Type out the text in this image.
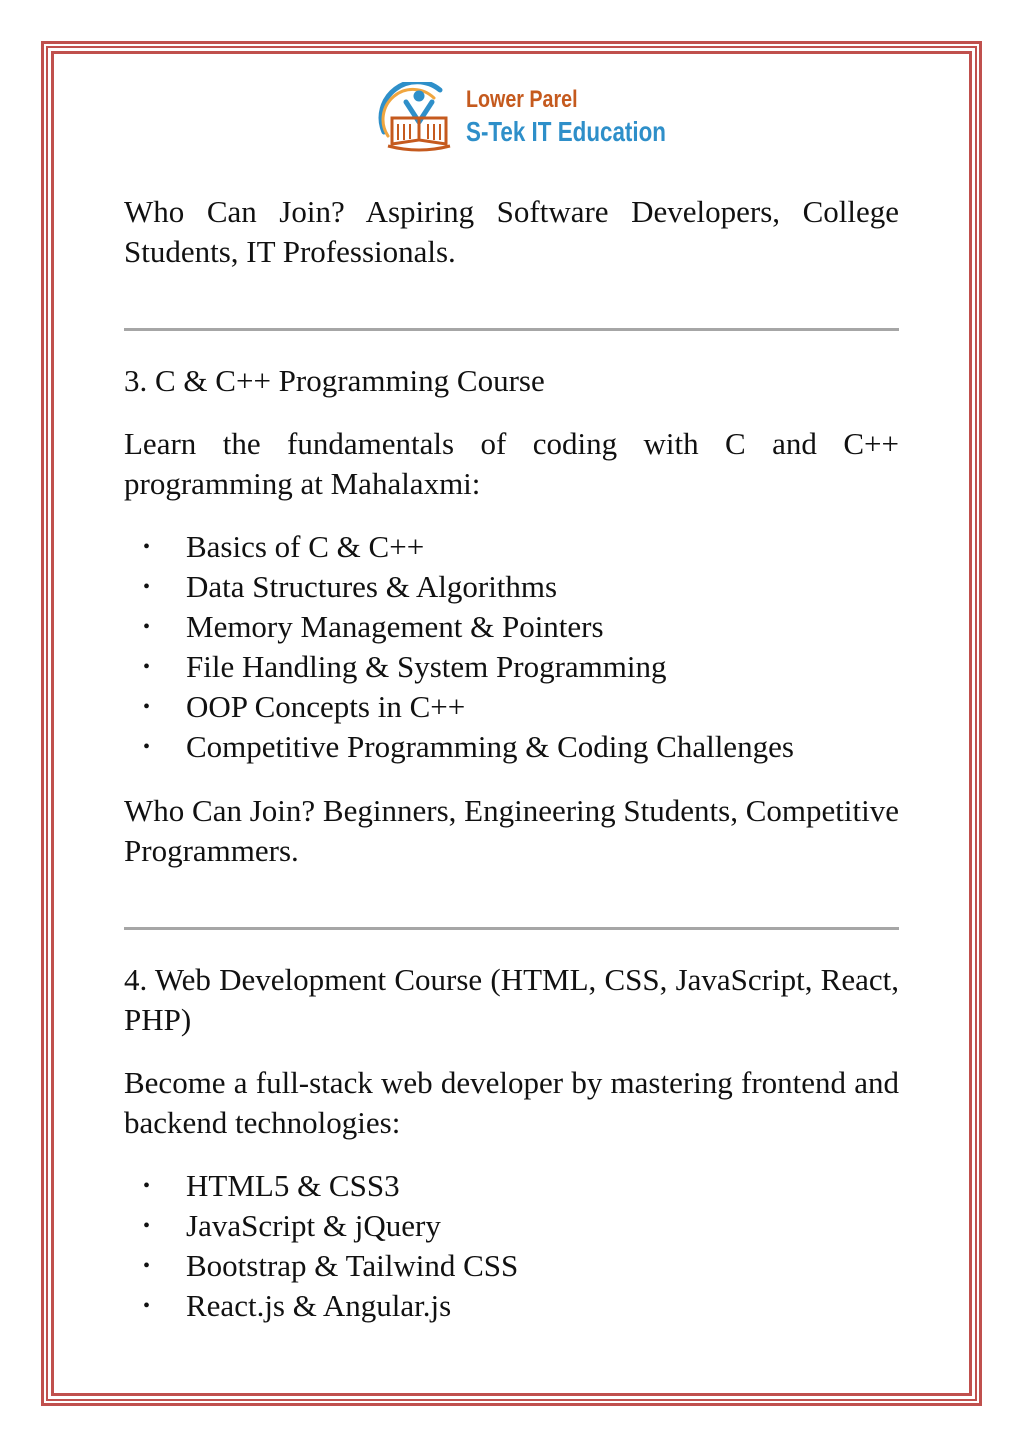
Lower Parel
S-Tek IT Education

Who Can Join? Aspiring Software Developers, College Students, IT Professionals.

3. C & C++ Programming Course

Learn the fundamentals of coding with C and C++ programming at Mahalaxmi:

• Basics of C & C++
• Data Structures & Algorithms
• Memory Management & Pointers
• File Handling & System Programming
• OOP Concepts in C++
• Competitive Programming & Coding Challenges

Who Can Join? Beginners, Engineering Students, Competitive Programmers.

4. Web Development Course (HTML, CSS, JavaScript, React, PHP)

Become a full-stack web developer by mastering frontend and backend technologies:

• HTML5 & CSS3
• JavaScript & jQuery
• Bootstrap & Tailwind CSS
• React.js & Angular.js
